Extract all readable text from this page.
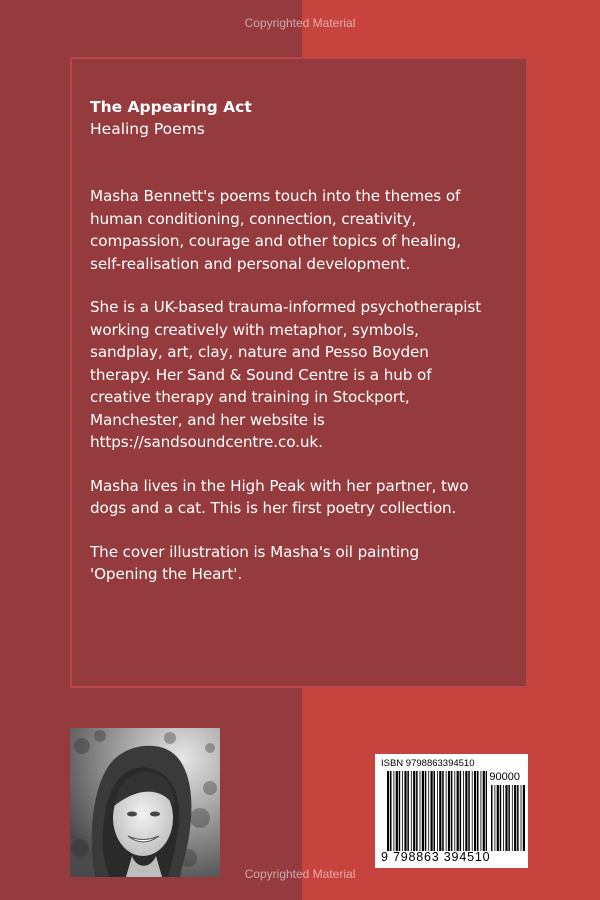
Copyrighted Material
The Appearing Act
Healing Poems
Masha Bennett's poems touch into the themes of
human conditioning, connection, creativity,
compassion, courage and other topics of healing,
self-realisation and personal development.
She is a UK-based trauma-informed psychotherapist
working creatively with metaphor, symbols,
sandplay, art, clay, nature and Pesso Boyden
therapy. Her Sand & Sound Centre is a hub of
creative therapy and training in Stockport,
Manchester, and her website is
https://sandsoundcentre.co.uk.
Masha lives in the High Peak with her partner, two
dogs and a cat. This is her first poetry collection.
The cover illustration is Masha's oil painting
'Opening the Heart'.
ISBN 9798863394510
90000
9 798863 394510
Copyrighted Material
